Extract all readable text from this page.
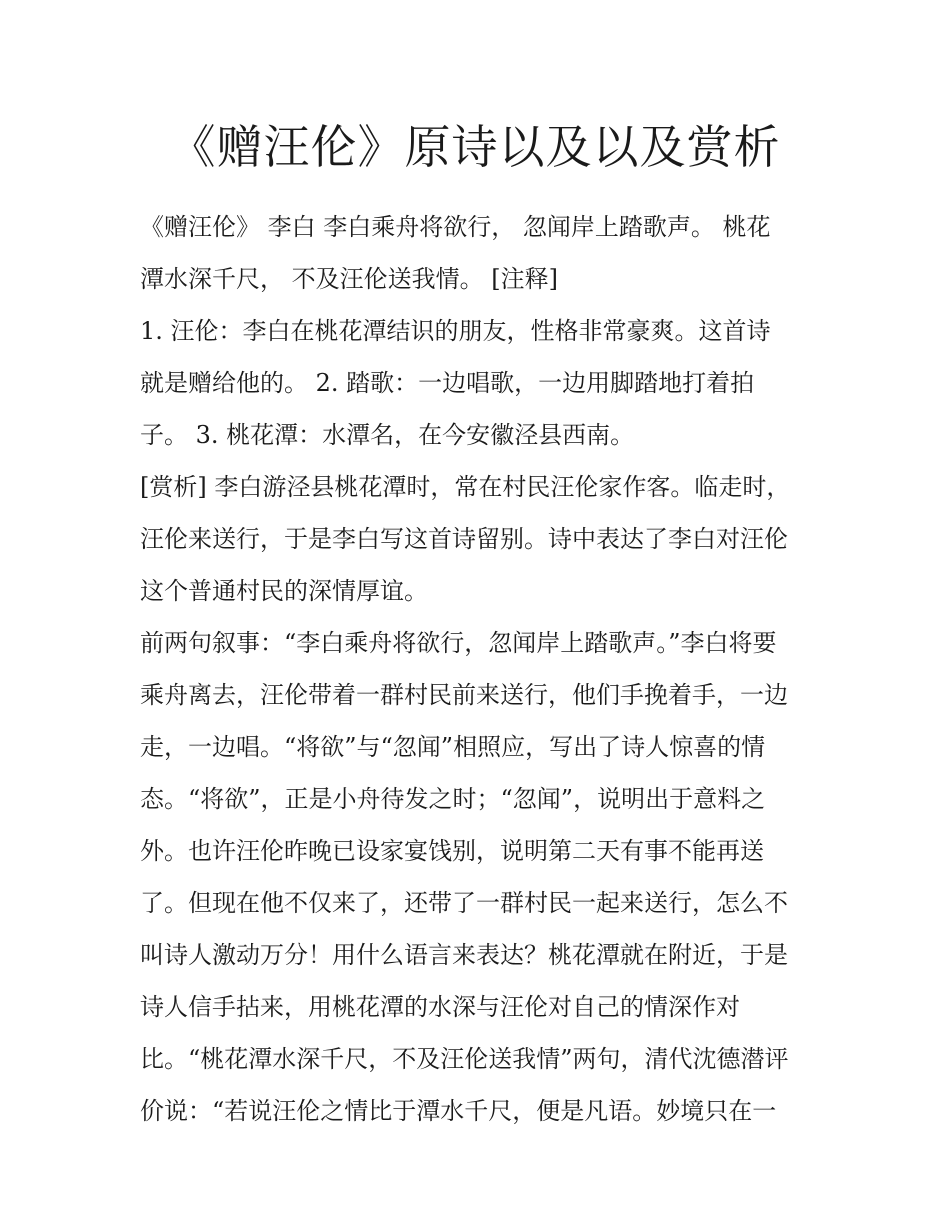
《赠汪伦》原诗以及以及赏析
《赠汪伦》 李白 李白乘舟将欲行， 忽闻岸上踏歌声。 桃花
潭水深千尺， 不及汪伦送我情。 [注释]
1. 汪伦：李白在桃花潭结识的朋友，性格非常豪爽。这首诗
就是赠给他的。 2. 踏歌：一边唱歌，一边用脚踏地打着拍
子。 3. 桃花潭：水潭名，在今安徽泾县西南。
[赏析] 李白游泾县桃花潭时，常在村民汪伦家作客。临走时，
汪伦来送行，于是李白写这首诗留别。诗中表达了李白对汪伦
这个普通村民的深情厚谊。
前两句叙事：“李白乘舟将欲行，忽闻岸上踏歌声。”李白将要
乘舟离去，汪伦带着一群村民前来送行，他们手挽着手，一边
走，一边唱。“将欲”与“忽闻”相照应，写出了诗人惊喜的情
态。“将欲”，正是小舟待发之时；“忽闻”，说明出于意料之
外。也许汪伦昨晚已设家宴饯别，说明第二天有事不能再送
了。但现在他不仅来了，还带了一群村民一起来送行，怎么不
叫诗人激动万分！用什么语言来表达？桃花潭就在附近，于是
诗人信手拈来，用桃花潭的水深与汪伦对自己的情深作对
比。“桃花潭水深千尺，不及汪伦送我情”两句，清代沈德潜评
价说：“若说汪伦之情比于潭水千尺，便是凡语。妙境只在一
